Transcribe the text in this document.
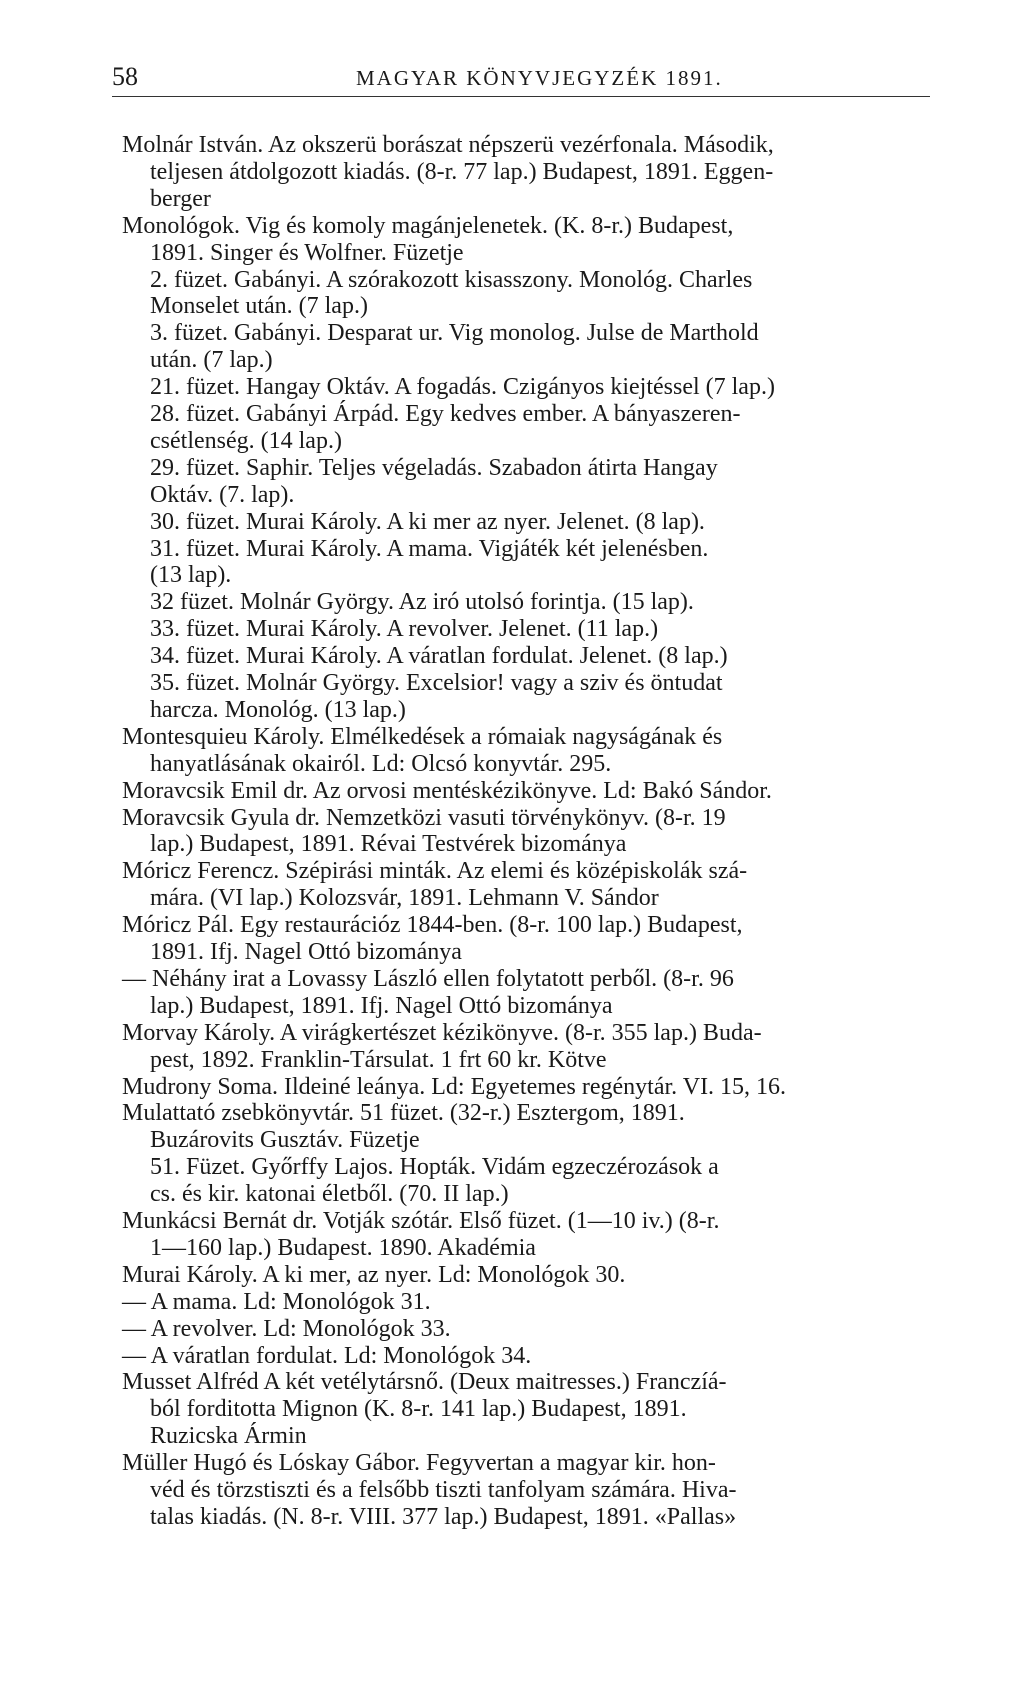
58	MAGYAR KÖNYVJEGYZÉK 1891.
Molnár István. Az okszerü borászat népszerü vezérfonala. Második,
teljesen átdolgozott kiadás. (8-r. 77 lap.) Budapest, 1891. Eggen-
berger
Monológok. Vig és komoly magánjelenetek. (K. 8-r.) Budapest,
1891. Singer és Wolfner. Füzetje
2. füzet. Gabányi. A szórakozott kisasszony. Monológ. Charles
Monselet után. (7 lap.)
3. füzet. Gabányi. Desparat ur. Vig monolog. Julse de Marthold
után. (7 lap.)
21. füzet. Hangay Oktáv. A fogadás. Czigányos kiejtéssel (7 lap.)
28. füzet. Gabányi Árpád. Egy kedves ember. A bányaszeren-
csétlenség. (14 lap.)
29. füzet. Saphir. Teljes végeladás. Szabadon átirta Hangay
Oktáv. (7. lap).
30. füzet. Murai Károly. A ki mer az nyer. Jelenet. (8 lap).
31. füzet. Murai Károly. A mama. Vigjáték két jelenésben.
(13 lap).
32 füzet. Molnár György. Az iró utolsó forintja. (15 lap).
33. füzet. Murai Károly. A revolver. Jelenet. (11 lap.)
34. füzet. Murai Károly. A váratlan fordulat. Jelenet. (8 lap.)
35. füzet. Molnár György. Excelsior! vagy a sziv és öntudat
harcza. Monológ. (13 lap.)
Montesquieu Károly. Elmélkedések a rómaiak nagyságának és
hanyatlásának okairól. Ld: Olcsó konyvtár. 295.
Moravcsik Emil dr. Az orvosi mentéskézikönyve. Ld: Bakó Sándor.
Moravcsik Gyula dr. Nemzetközi vasuti törvénykönyv. (8-r. 19
lap.) Budapest, 1891. Révai Testvérek bizománya
Móricz Ferencz. Szépirási minták. Az elemi és középiskolák szá-
mára. (VI lap.) Kolozsvár, 1891. Lehmann V. Sándor
Móricz Pál. Egy restaurációz 1844-ben. (8-r. 100 lap.) Budapest,
1891. Ifj. Nagel Ottó bizománya
— Néhány irat a Lovassy László ellen folytatott perből. (8-r. 96
lap.) Budapest, 1891. Ifj. Nagel Ottó bizománya
Morvay Károly. A virágkertészet kézikönyve. (8-r. 355 lap.) Buda-
pest, 1892. Franklin-Társulat. 1 frt 60 kr. Kötve
Mudrony Soma. Ildeiné leánya. Ld: Egyetemes regénytár. VI. 15, 16.
Mulattató zsebkönyvtár. 51 füzet. (32-r.) Esztergom, 1891.
Buzárovits Gusztáv. Füzetje
51. Füzet. Győrffy Lajos. Hopták. Vidám egzeczérozások a
cs. és kir. katonai életből. (70. II lap.)
Munkácsi Bernát dr. Votják szótár. Első füzet. (1—10 iv.) (8-r.
1—160 lap.) Budapest. 1890. Akadémia
Murai Károly. A ki mer, az nyer. Ld: Monológok 30.
— A mama. Ld: Monológok 31.
— A revolver. Ld: Monológok 33.
— A váratlan fordulat. Ld: Monológok 34.
Musset Alfréd A két vetélytársnő. (Deux maitresses.) Franczíá-
ból forditotta Mignon (K. 8-r. 141 lap.) Budapest, 1891.
Ruzicska Ármin
Müller Hugó és Lóskay Gábor. Fegyvertan a magyar kir. hon-
véd és törzstiszti és a felsőbb tiszti tanfolyam számára. Hiva-
talas kiadás. (N. 8-r. VIII. 377 lap.) Budapest, 1891. «Pallas»
